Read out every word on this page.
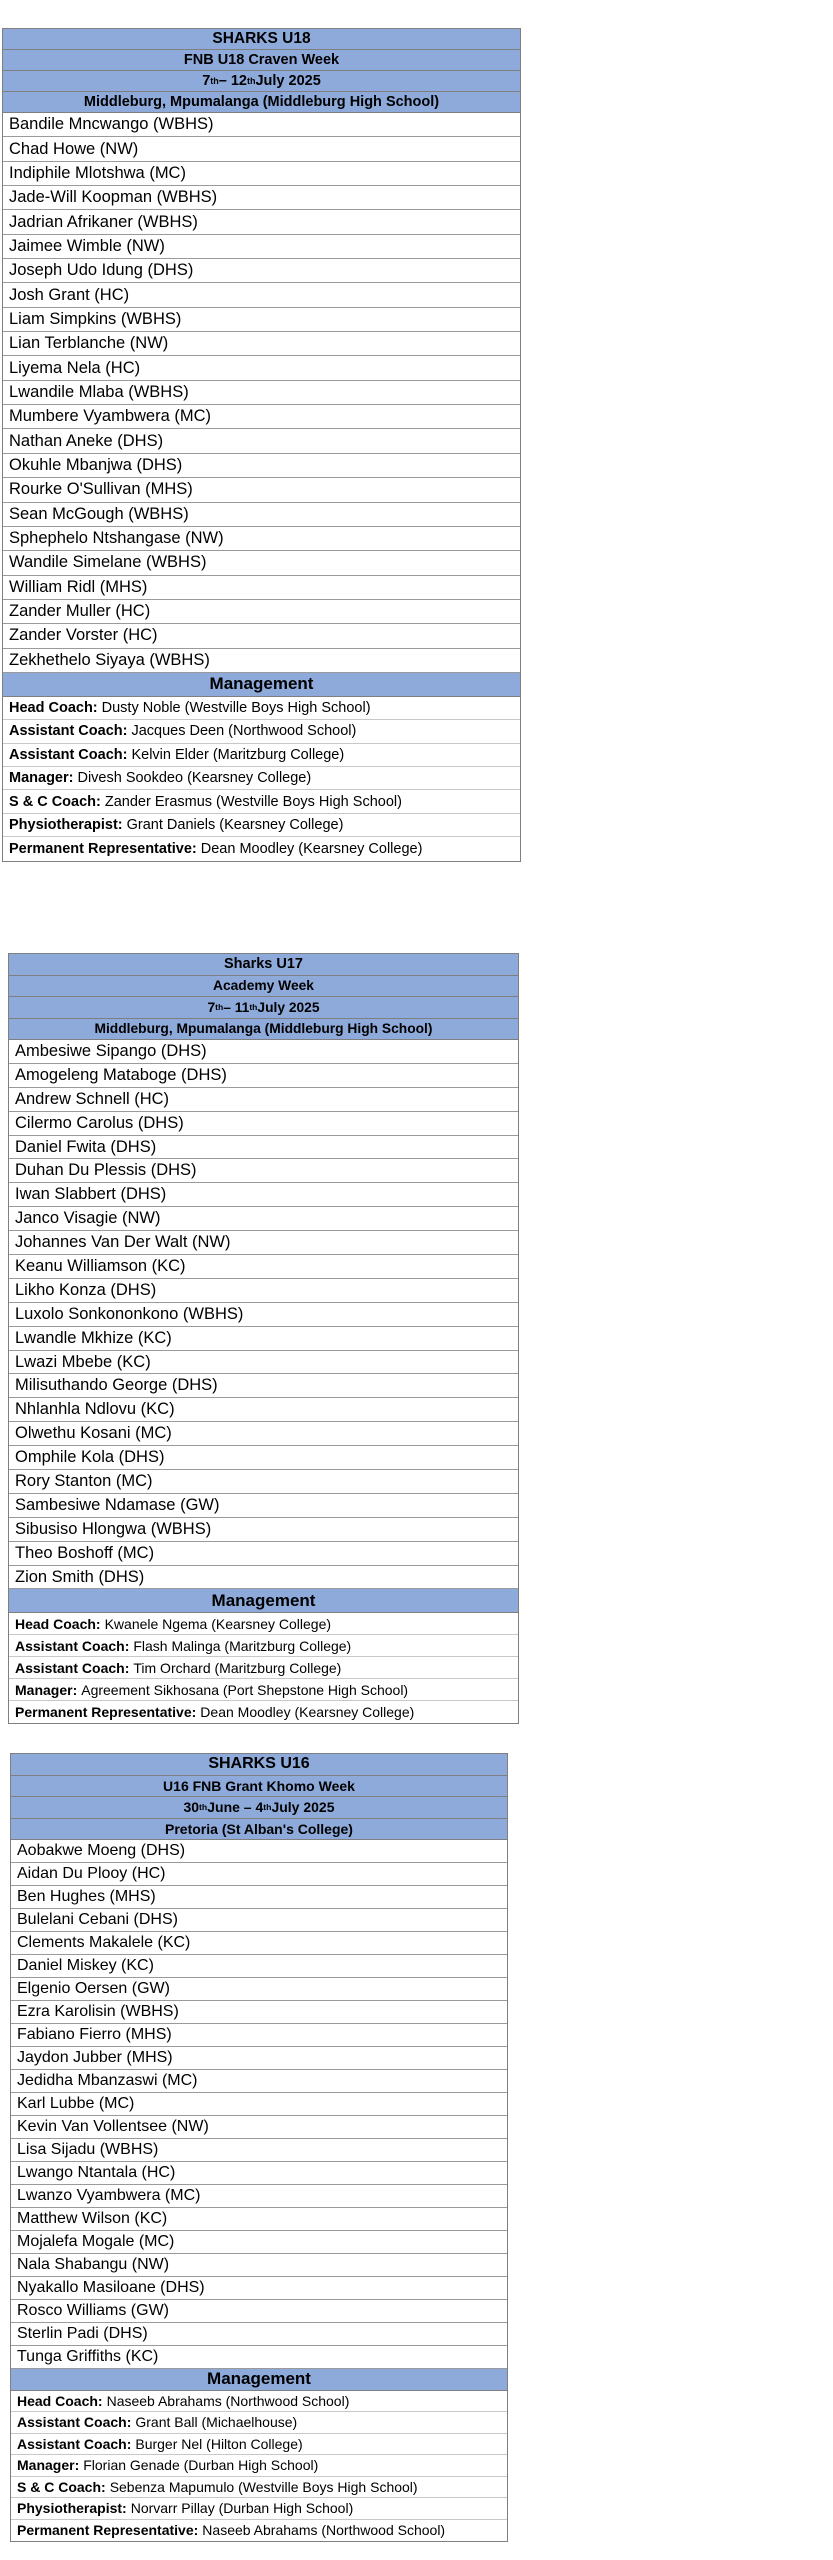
SHARKS U18
FNB U18 Craven Week
7 th – 12 th July 2025
Middleburg, Mpumalanga (Middleburg High School)
Bandile Mncwango (WBHS)
Chad Howe (NW)
Indiphile Mlotshwa (MC)
Jade-Will Koopman (WBHS)
Jadrian Afrikaner (WBHS)
Jaimee Wimble (NW)
Joseph Udo Idung (DHS)
Josh Grant (HC)
Liam Simpkins (WBHS)
Lian Terblanche (NW)
Liyema Nela (HC)
Lwandile Mlaba (WBHS)
Mumbere Vyambwera (MC)
Nathan Aneke (DHS)
Okuhle Mbanjwa (DHS)
Rourke O'Sullivan (MHS)
Sean McGough (WBHS)
Sphephelo Ntshangase (NW)
Wandile Simelane (WBHS)
William Ridl (MHS)
Zander Muller (HC)
Zander Vorster (HC)
Zekhethelo Siyaya (WBHS)
Management
Head Coach: Dusty Noble (Westville Boys High School)
Assistant Coach: Jacques Deen (Northwood School)
Assistant Coach: Kelvin Elder (Maritzburg College)
Manager: Divesh Sookdeo (Kearsney College)
S & C Coach: Zander Erasmus (Westville Boys High School)
Physiotherapist: Grant Daniels (Kearsney College)
Permanent Representative: Dean Moodley (Kearsney College)
Sharks U17
Academy Week
7 th – 11 th July 2025
Middleburg, Mpumalanga (Middleburg High School)
Ambesiwe Sipango (DHS)
Amogeleng Mataboge (DHS)
Andrew Schnell (HC)
Cilermo Carolus (DHS)
Daniel Fwita (DHS)
Duhan Du Plessis (DHS)
Iwan Slabbert (DHS)
Janco Visagie (NW)
Johannes Van Der Walt (NW)
Keanu Williamson (KC)
Likho Konza (DHS)
Luxolo Sonkononkono (WBHS)
Lwandle Mkhize (KC)
Lwazi Mbebe (KC)
Milisuthando George (DHS)
Nhlanhla Ndlovu (KC)
Olwethu Kosani (MC)
Omphile Kola (DHS)
Rory Stanton (MC)
Sambesiwe Ndamase (GW)
Sibusiso Hlongwa (WBHS)
Theo Boshoff (MC)
Zion Smith (DHS)
Management
Head Coach: Kwanele Ngema (Kearsney College)
Assistant Coach: Flash Malinga (Maritzburg College)
Assistant Coach: Tim Orchard (Maritzburg College)
Manager: Agreement Sikhosana (Port Shepstone High School)
Permanent Representative: Dean Moodley (Kearsney College)
SHARKS U16
U16 FNB Grant Khomo Week
30 th June – 4 th July 2025
Pretoria (St Alban's College)
Aobakwe Moeng (DHS)
Aidan Du Plooy (HC)
Ben Hughes (MHS)
Bulelani Cebani (DHS)
Clements Makalele (KC)
Daniel Miskey (KC)
Elgenio Oersen (GW)
Ezra Karolisin (WBHS)
Fabiano Fierro (MHS)
Jaydon Jubber (MHS)
Jedidha Mbanzaswi (MC)
Karl Lubbe (MC)
Kevin Van Vollentsee (NW)
Lisa Sijadu (WBHS)
Lwango Ntantala (HC)
Lwanzo Vyambwera (MC)
Matthew Wilson (KC)
Mojalefa Mogale (MC)
Nala Shabangu (NW)
Nyakallo Masiloane (DHS)
Rosco Williams (GW)
Sterlin Padi (DHS)
Tunga Griffiths (KC)
Management
Head Coach: Naseeb Abrahams (Northwood School)
Assistant Coach: Grant Ball (Michaelhouse)
Assistant Coach: Burger Nel (Hilton College)
Manager: Florian Genade (Durban High School)
S & C Coach: Sebenza Mapumulo (Westville Boys High School)
Physiotherapist: Norvarr Pillay (Durban High School)
Permanent Representative: Naseeb Abrahams (Northwood School)
